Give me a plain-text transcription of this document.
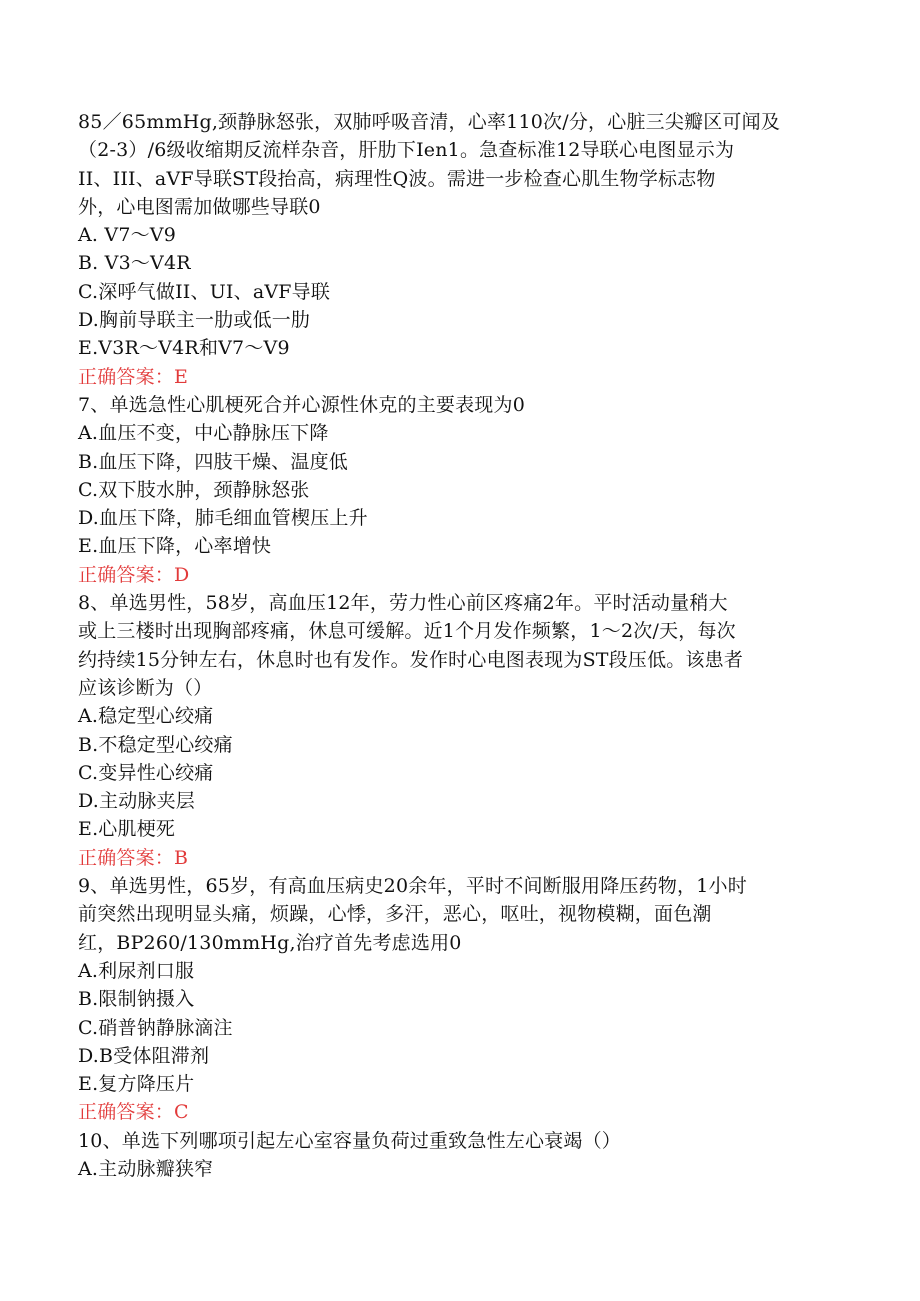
85／65mmHg,颈静脉怒张，双肺呼吸音清，心率110次/分，心脏三尖瓣区可闻及
（2-3）/6级收缩期反流样杂音，肝肋下Ien1。急查标准12导联心电图显示为
II、III、aVF导联ST段抬高，病理性Q波。需进一步检查心肌生物学标志物
外，心电图需加做哪些导联0
A. V7～V9
B. V3～V4R
C.深呼气做II、UI、aVF导联
D.胸前导联主一肋或低一肋
E.V3R～V4R和V7～V9
正确答案：E
7、单选急性心肌梗死合并心源性休克的主要表现为0
A.血压不变，中心静脉压下降
B.血压下降，四肢干燥、温度低
C.双下肢水肿，颈静脉怒张
D.血压下降，肺毛细血管楔压上升
E.血压下降，心率增快
正确答案：D
8、单选男性，58岁，高血压12年，劳力性心前区疼痛2年。平时活动量稍大
或上三楼时出现胸部疼痛，休息可缓解。近1个月发作频繁，1～2次/天，每次
约持续15分钟左右，休息时也有发作。发作时心电图表现为ST段压低。该患者
应该诊断为（）
A.稳定型心绞痛
B.不稳定型心绞痛
C.变异性心绞痛
D.主动脉夹层
E.心肌梗死
正确答案：B
9、单选男性，65岁，有高血压病史20余年，平时不间断服用降压药物，1小时
前突然出现明显头痛，烦躁，心悸，多汗，恶心，呕吐，视物模糊，面色潮
红，BP260/130mmHg,治疗首先考虑选用0
A.利尿剂口服
B.限制钠摄入
C.硝普钠静脉滴注
D.B受体阻滞剂
E.复方降压片
正确答案：C
10、单选下列哪项引起左心室容量负荷过重致急性左心衰竭（）
A.主动脉瓣狭窄
